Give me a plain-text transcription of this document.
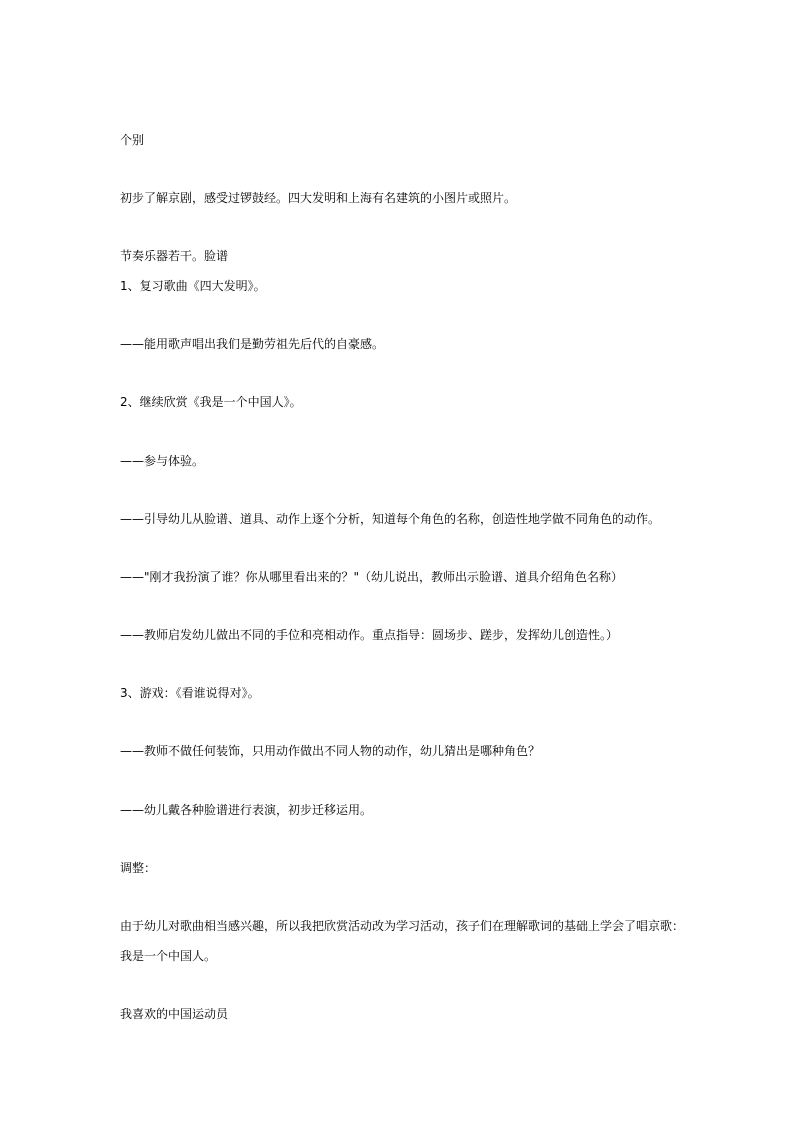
个别
初步了解京剧，感受过锣鼓经。四大发明和上海有名建筑的小图片或照片。
节奏乐器若干。脸谱
1、复习歌曲《四大发明》。
——能用歌声唱出我们是勤劳祖先后代的自豪感。
2、继续欣赏《我是一个中国人》。
——参与体验。
——引导幼儿从脸谱、道具、动作上逐个分析，知道每个角色的名称，创造性地学做不同角色的动作。
——"刚才我扮演了谁？你从哪里看出来的？"（幼儿说出，教师出示脸谱、道具介绍角色名称）
——教师启发幼儿做出不同的手位和亮相动作。重点指导：圆场步、蹉步，发挥幼儿创造性。）
3、游戏：《看谁说得对》。
——教师不做任何装饰，只用动作做出不同人物的动作，幼儿猜出是哪种角色？
——幼儿戴各种脸谱进行表演，初步迁移运用。
调整：
由于幼儿对歌曲相当感兴趣，所以我把欣赏活动改为学习活动，孩子们在理解歌词的基础上学会了唱京歌：
我是一个中国人。
我喜欢的中国运动员
